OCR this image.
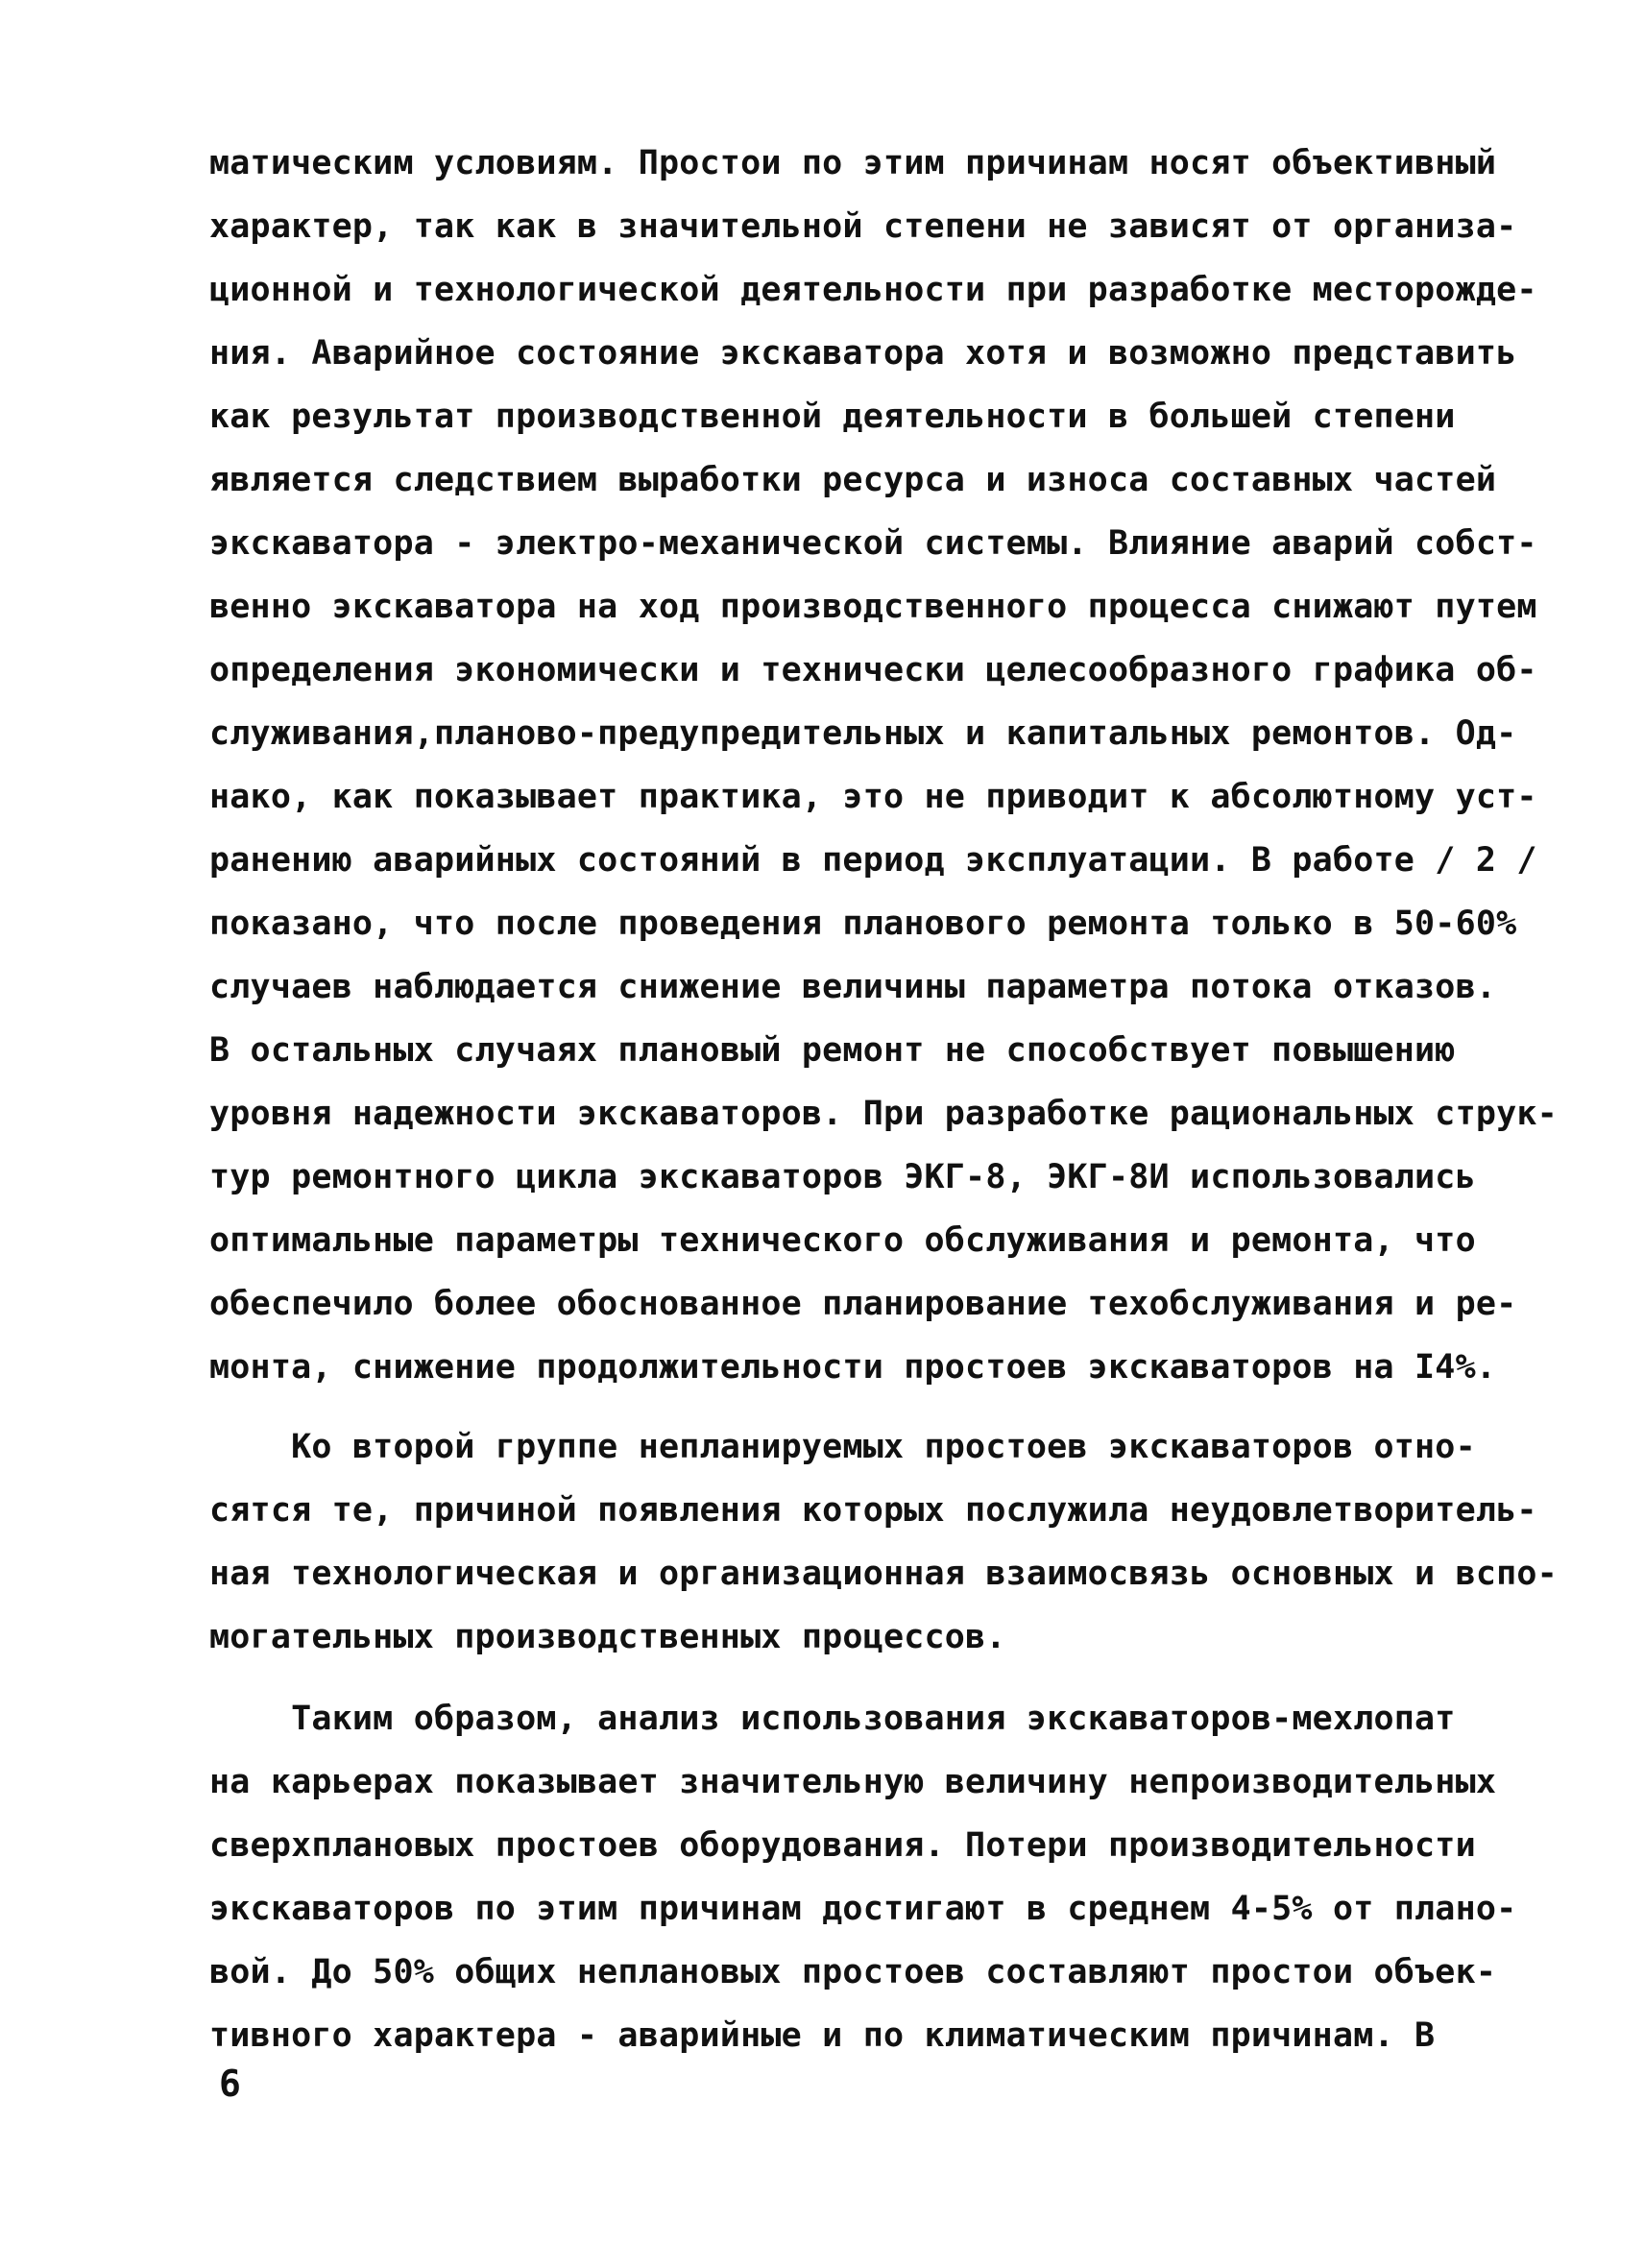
матическим условиям. Простои по этим причинам носят объективный
характер, так как в значительной степени не зависят от организа-
ционной и технологической деятельности при разработке месторожде-
ния. Аварийное состояние экскаватора хотя и возможно представить
как результат производственной деятельности в большей степени
является следствием выработки ресурса и износа составных частей
экскаватора - электро-механической системы. Влияние аварий собст-
венно экскаватора на ход производственного процесса снижают путем
определения экономически и технически целесообразного графика об-
служивания,планово-предупредительных и капитальных ремонтов. Од-
нако, как показывает практика, это не приводит к абсолютному уст-
ранению аварийных состояний в период эксплуатации. В работе / 2 /
показано, что после проведения планового ремонта только в 50-60%
случаев наблюдается снижение величины параметра потока отказов.
В остальных случаях плановый ремонт не способствует повышению
уровня надежности экскаваторов. При разработке рациональных струк-
тур ремонтного цикла экскаваторов ЭКГ-8, ЭКГ-8И использовались
оптимальные параметры технического обслуживания и ремонта, что
обеспечило более обоснованное планирование техобслуживания и ре-
монта, снижение продолжительности простоев экскаваторов на I4%.
Ко второй группе непланируемых простоев экскаваторов отно-
сятся те, причиной появления которых послужила неудовлетворитель-
ная технологическая и организационная взаимосвязь основных и вспо-
могательных производственных процессов.
Таким образом, анализ использования экскаваторов-мехлопат
на карьерах показывает значительную величину непроизводительных
сверхплановых простоев оборудования. Потери производительности
экскаваторов по этим причинам достигают в среднем 4-5% от плано-
вой. До 50% общих неплановых простоев составляют простои объек-
тивного характера - аварийные и по климатическим причинам. В
6
